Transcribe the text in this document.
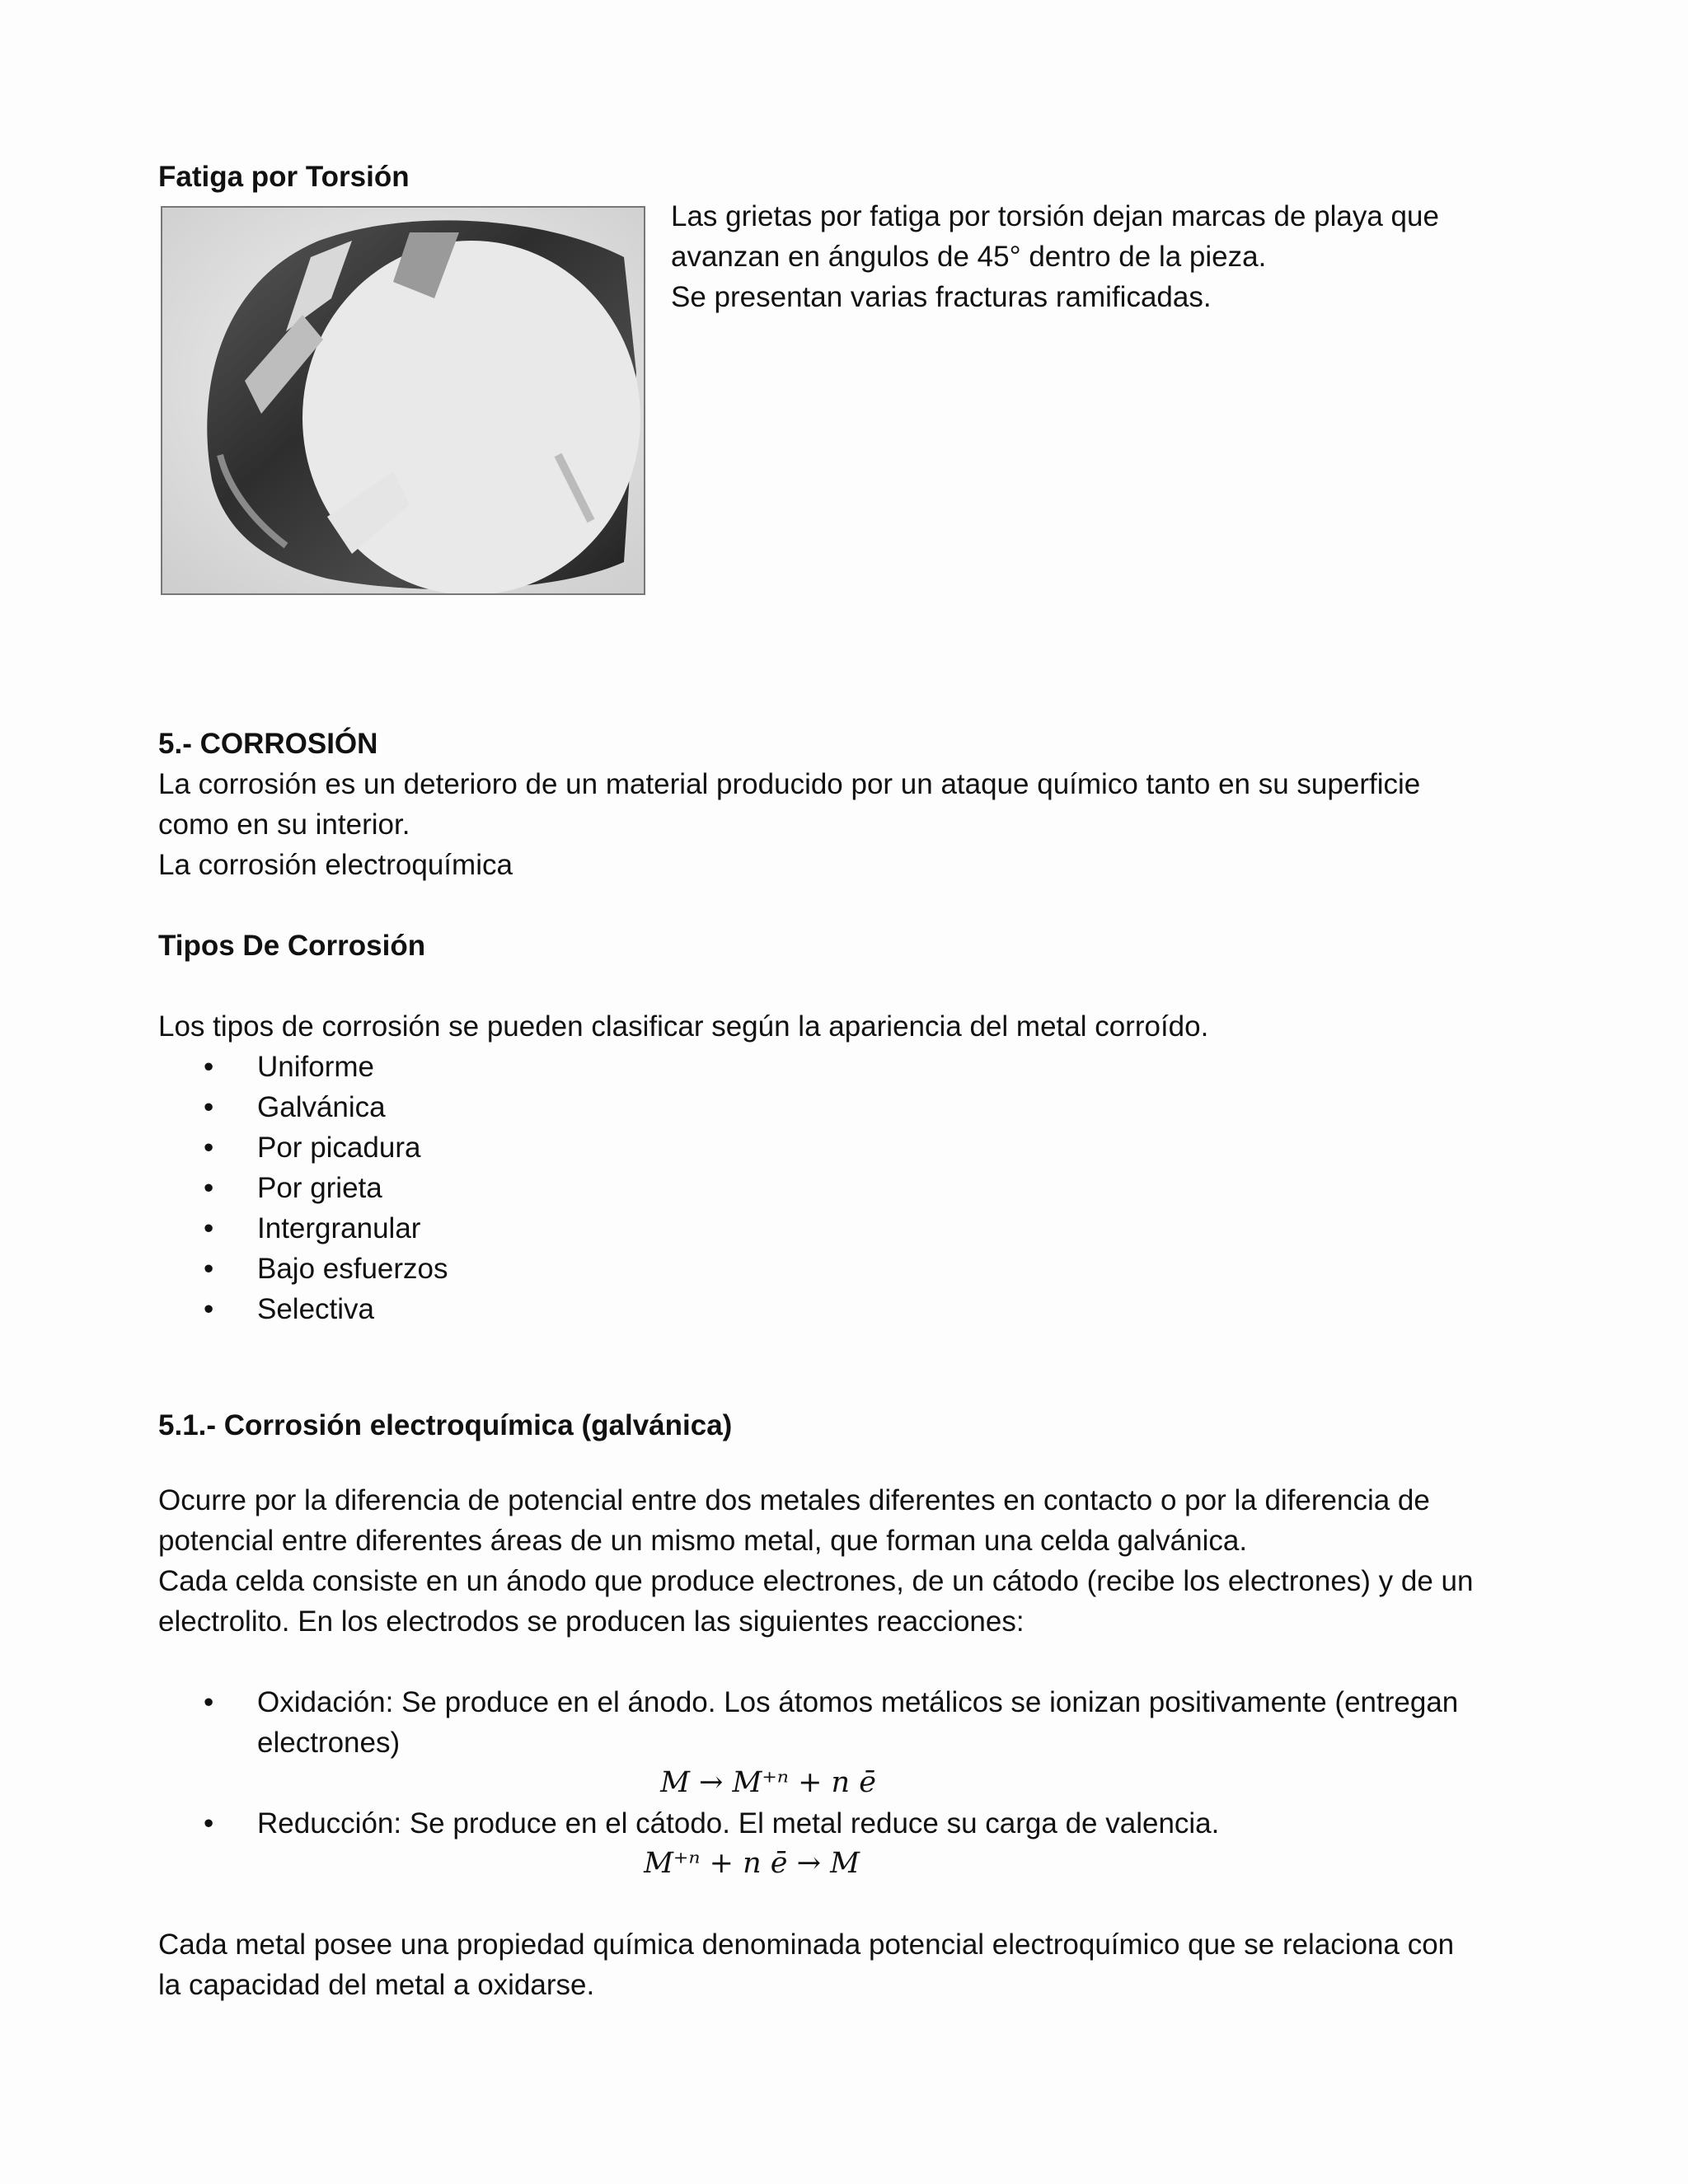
Fatiga por Torsión

Las grietas por fatiga por torsión dejan marcas de playa que

avanzan en ángulos de 45° dentro de la pieza.

Se presentan varias fracturas ramificadas.

5.- CORROSIÓN

La corrosión es un deterioro de un material producido por un ataque químico tanto en su superficie

como en su interior.

La corrosión electroquímica

Tipos De Corrosión

Los tipos de corrosión se pueden clasificar según la apariencia del metal corroído.

• Uniforme
• Galvánica
• Por picadura
• Por grieta
• Intergranular
• Bajo esfuerzos
• Selectiva

5.1.- Corrosión electroquímica (galvánica)

Ocurre por la diferencia de potencial entre dos metales diferentes en contacto o por la diferencia de

potencial entre diferentes áreas de un mismo metal, que forman una celda galvánica.

Cada celda consiste en un ánodo que produce electrones, de un cátodo (recibe los electrones) y de un

electrolito. En los electrodos se producen las siguientes reacciones:

• Oxidación: Se produce en el ánodo. Los átomos metálicos se ionizan positivamente (entregan
electrones)

M → M⁺ⁿ + n ē

• Reducción: Se produce en el cátodo. El metal reduce su carga de valencia.

M⁺ⁿ + n ē → M

Cada metal posee una propiedad química denominada potencial electroquímico que se relaciona con

la capacidad del metal a oxidarse.
